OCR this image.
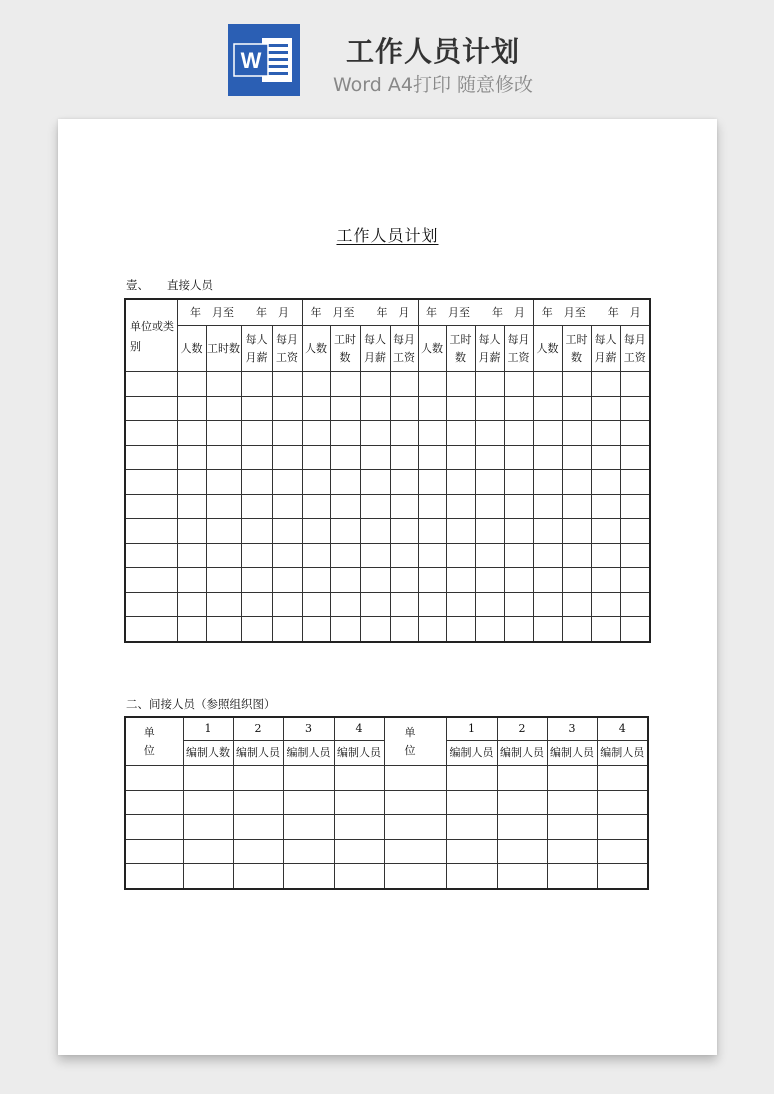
W	工作人员计划
Word A4打印 随意修改
工作人员计划
壹、 直接人员
单位或类别	年　月至　　年　月				年　月至　　年　月				年　月至　　年　月				年　月至　　年　月			
	人数	工时数	每人月薪	每月工资	人数	工时数	每人月薪	每月工资	人数	工时数	每人月薪	每月工资	人数	工时数	每人月薪	每月工资

二、间接人员（参照组织图）
单　位	1	2	3	4	单　位	1	2	3	4
	编制人数	编制人员	编制人员	编制人员		编制人员	编制人员	编制人员	编制人员
